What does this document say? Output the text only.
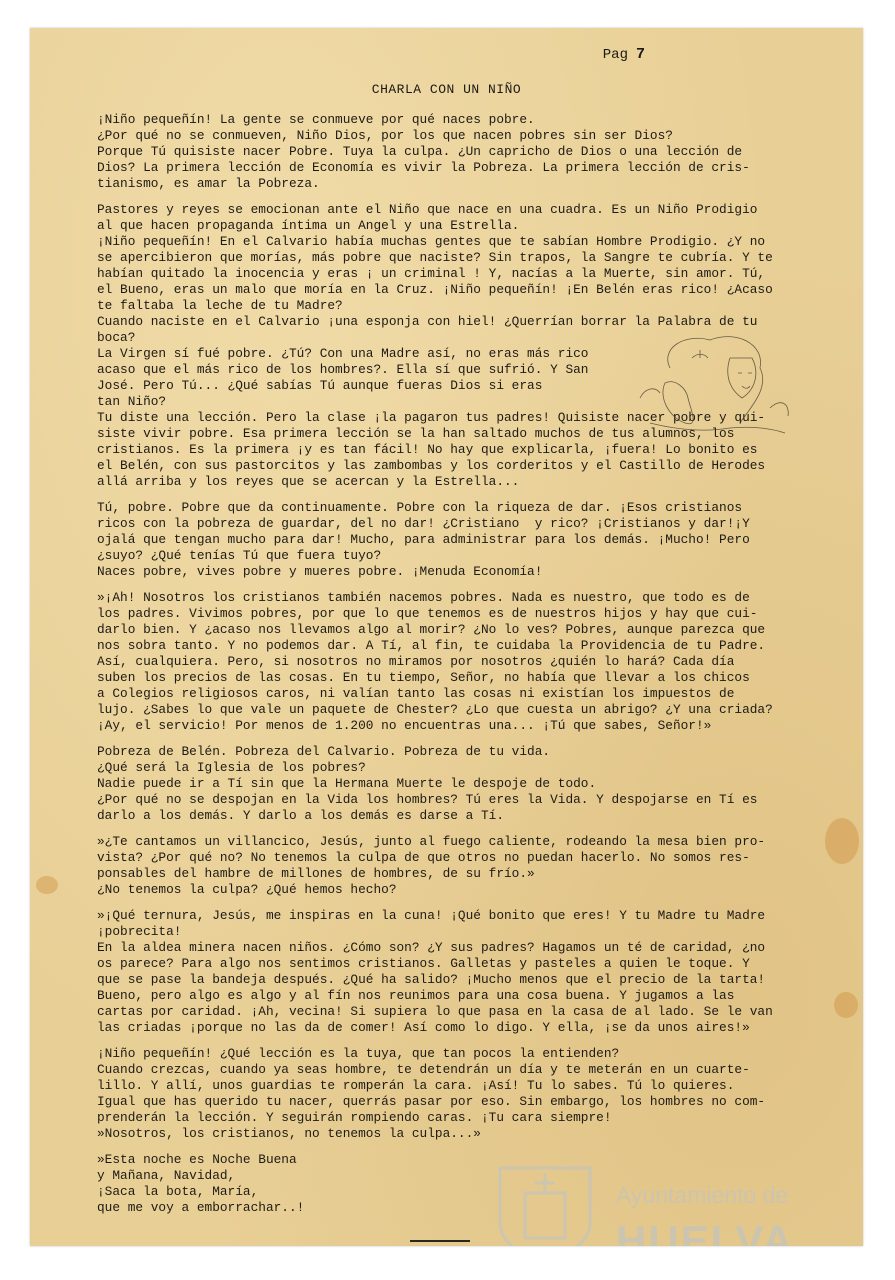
Pag 7
CHARLA CON UN NIÑO
¡Niño pequeñín! La gente se conmueve por qué naces pobre.
¿Por qué no se conmueven, Niño Dios, por los que nacen pobres sin ser Dios?
Porque Tú quisiste nacer Pobre. Tuya la culpa. ¿Un capricho de Dios o una lección de
Dios? La primera lección de Economía es vivir la Pobreza. La primera lección de cris-
tianismo, es amar la Pobreza.
Pastores y reyes se emocionan ante el Niño que nace en una cuadra. Es un Niño Prodigio
al que hacen propaganda íntima un Angel y una Estrella.
¡Niño pequeñín! En el Calvario había muchas gentes que te sabían Hombre Prodigio. ¿Y no
se apercibieron que morías, más pobre que naciste? Sin trapos, la Sangre te cubría. Y te
habían quitado la inocencia y eras ¡ un criminal ! Y, nacías a la Muerte, sin amor. Tú,
el Bueno, eras un malo que moría en la Cruz. ¡Niño pequeñín! ¡En Belén eras rico! ¿Acaso
te faltaba la leche de tu Madre?
Cuando naciste en el Calvario ¡una esponja con hiel! ¿Querrían borrar la Palabra de tu
boca?
La Virgen sí fué pobre. ¿Tú? Con una Madre así, no eras más rico
acaso que el más rico de los hombres?. Ella sí que sufrió. Y San
José. Pero Tú... ¿Qué sabías Tú aunque fueras Dios si eras
tan Niño?
Tu diste una lección. Pero la clase ¡la pagaron tus padres! Quisiste nacer pobre y qui-
siste vivir pobre. Esa primera lección se la han saltado muchos de tus alumnos, los
cristianos. Es la primera ¡y es tan fácil! No hay que explicarla, ¡fuera! Lo bonito es
el Belén, con sus pastorcitos y las zambombas y los corderitos y el Castillo de Herodes
allá arriba y los reyes que se acercan y la Estrella...
Tú, pobre. Pobre que da continuamente. Pobre con la riqueza de dar. ¡Esos cristianos
ricos con la pobreza de guardar, del no dar! ¿Cristiano  y rico? ¡Cristianos y dar!¡Y
ojalá que tengan mucho para dar! Mucho, para administrar para los demás. ¡Mucho! Pero
¿suyo? ¿Qué tenías Tú que fuera tuyo?
Naces pobre, vives pobre y mueres pobre. ¡Menuda Economía!
»¡Ah! Nosotros los cristianos también nacemos pobres. Nada es nuestro, que todo es de
los padres. Vivimos pobres, por que lo que tenemos es de nuestros hijos y hay que cui-
darlo bien. Y ¿acaso nos llevamos algo al morir? ¿No lo ves? Pobres, aunque parezca que
nos sobra tanto. Y no podemos dar. A Tí, al fin, te cuidaba la Providencia de tu Padre.
Así, cualquiera. Pero, si nosotros no miramos por nosotros ¿quién lo hará? Cada día
suben los precios de las cosas. En tu tiempo, Señor, no había que llevar a los chicos
a Colegios religiosos caros, ni valían tanto las cosas ni existían los impuestos de
lujo. ¿Sabes lo que vale un paquete de Chester? ¿Lo que cuesta un abrigo? ¿Y una criada?
¡Ay, el servicio! Por menos de 1.200 no encuentras una... ¡Tú que sabes, Señor!»
Pobreza de Belén. Pobreza del Calvario. Pobreza de tu vida.
¿Qué será la Iglesia de los pobres?
Nadie puede ir a Tí sin que la Hermana Muerte le despoje de todo.
¿Por qué no se despojan en la Vida los hombres? Tú eres la Vida. Y despojarse en Tí es
darlo a los demás. Y darlo a los demás es darse a Tí.
»¿Te cantamos un villancico, Jesús, junto al fuego caliente, rodeando la mesa bien pro-
vista? ¿Por qué no? No tenemos la culpa de que otros no puedan hacerlo. No somos res-
ponsables del hambre de millones de hombres, de su frío.»
¿No tenemos la culpa? ¿Qué hemos hecho?
»¡Qué ternura, Jesús, me inspiras en la cuna! ¡Qué bonito que eres! Y tu Madre tu Madre
¡pobrecita!
En la aldea minera nacen niños. ¿Cómo son? ¿Y sus padres? Hagamos un té de caridad, ¿no
os parece? Para algo nos sentimos cristianos. Galletas y pasteles a quien le toque. Y
que se pase la bandeja después. ¿Qué ha salido? ¡Mucho menos que el precio de la tarta!
Bueno, pero algo es algo y al fín nos reunimos para una cosa buena. Y jugamos a las
cartas por caridad. ¡Ah, vecina! Si supiera lo que pasa en la casa de al lado. Se le van
las criadas ¡porque no las da de comer! Así como lo digo. Y ella, ¡se da unos aires!»
¡Niño pequeñín! ¿Qué lección es la tuya, que tan pocos la entienden?
Cuando crezcas, cuando ya seas hombre, te detendrán un día y te meterán en un cuarte-
lillo. Y allí, unos guardias te romperán la cara. ¡Así! Tu lo sabes. Tú lo quieres.
Igual que has querido tu nacer, querrás pasar por eso. Sin embargo, los hombres no com-
prenderán la lección. Y seguirán rompiendo caras. ¡Tu cara siempre!
»Nosotros, los cristianos, no tenemos la culpa...»
»Esta noche es Noche Buena
y Mañana, Navidad,
¡Saca la bota, María,
que me voy a emborrachar..!	Ayuntamiento de
HUELVA
